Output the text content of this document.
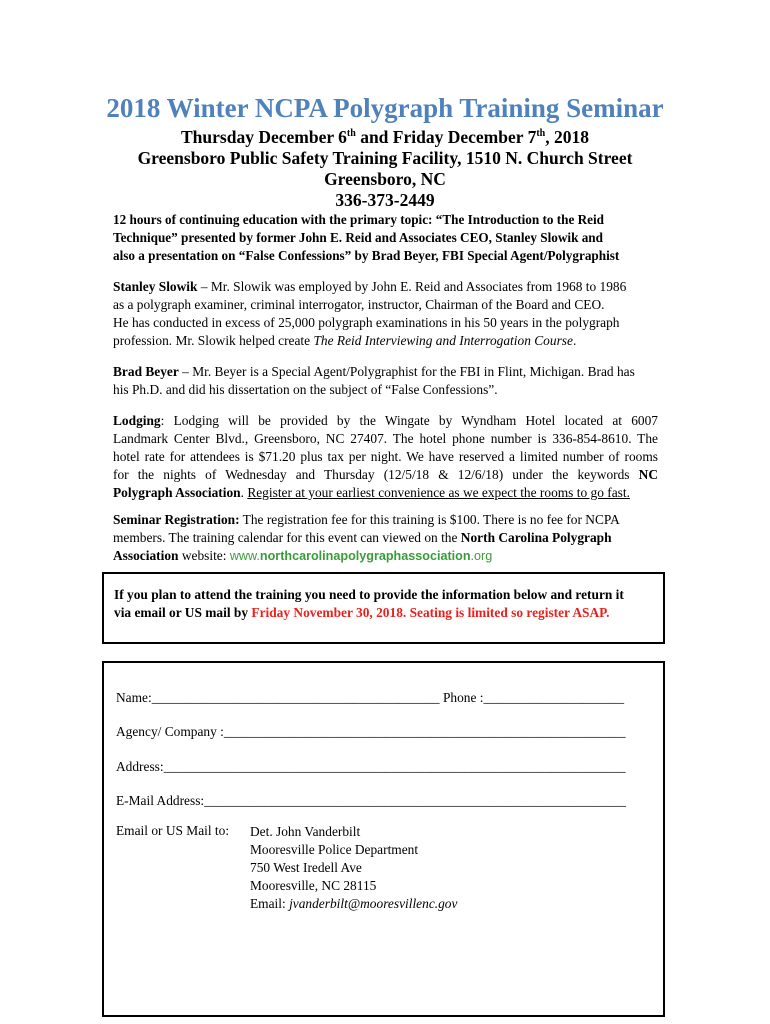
2018 Winter NCPA Polygraph Training Seminar
Thursday December 6th and Friday December 7th, 2018
Greensboro Public Safety Training Facility, 1510 N. Church Street
Greensboro, NC
336-373-2449
12 hours of continuing education with the primary topic: “The Introduction to the Reid
Technique” presented by former John E. Reid and Associates CEO, Stanley Slowik and
also a presentation on “False Confessions” by Brad Beyer, FBI Special Agent/Polygraphist
Stanley Slowik – Mr. Slowik was employed by John E. Reid and Associates from 1968 to 1986
as a polygraph examiner, criminal interrogator, instructor, Chairman of the Board and CEO.
He has conducted in excess of 25,000 polygraph examinations in his 50 years in the polygraph
profession. Mr. Slowik helped create The Reid Interviewing and Interrogation Course.
Brad Beyer – Mr. Beyer is a Special Agent/Polygraphist for the FBI in Flint, Michigan. Brad has
his Ph.D. and did his dissertation on the subject of “False Confessions”.
Lodging: Lodging will be provided by the Wingate by Wyndham Hotel located at 6007
Landmark Center Blvd., Greensboro, NC 27407. The hotel phone number is 336-854-8610. The
hotel rate for attendees is $71.20 plus tax per night. We have reserved a limited number of rooms
for the nights of Wednesday and Thursday (12/5/18 & 12/6/18) under the keywords NC
Polygraph Association. Register at your earliest convenience as we expect the rooms to go fast.
Seminar Registration: The registration fee for this training is $100. There is no fee for NCPA
members. The training calendar for this event can viewed on the North Carolina Polygraph
Association website: www.northcarolinapolygraphassociation.org
If you plan to attend the training you need to provide the information below and return it
via email or US mail by Friday November 30, 2018. Seating is limited so register ASAP.
Name:___________________________________________ Phone :_____________________
Agency/ Company :____________________________________________________________
Address:_____________________________________________________________________
E-Mail Address:_______________________________________________________________
Email or US Mail to: Det. John Vanderbilt
Mooresville Police Department
750 West Iredell Ave
Mooresville, NC 28115
Email: jvanderbilt@mooresvillenc.gov
